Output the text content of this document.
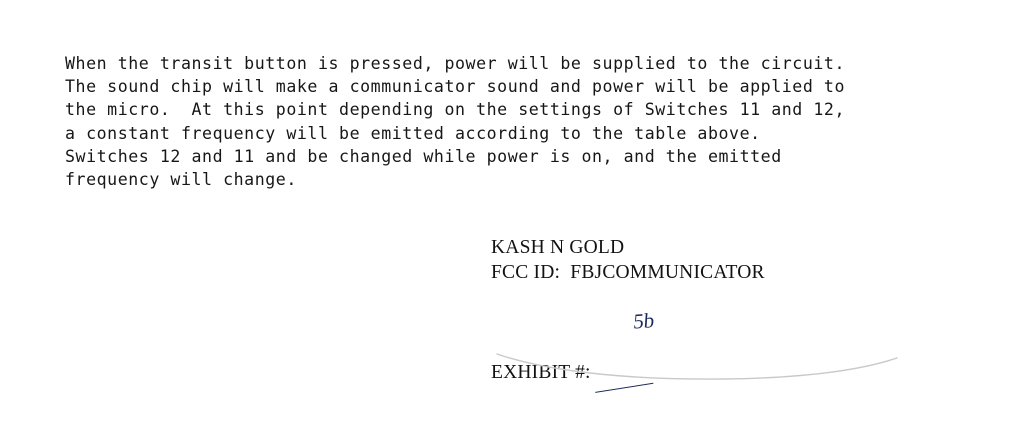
When the transit button is pressed, power will be supplied to the circuit.
The sound chip will make a communicator sound and power will be applied to
the micro.  At this point depending on the settings of Switches 11 and 12,
a constant frequency will be emitted according to the table above.
Switches 12 and 11 and be changed while power is on, and the emitted
frequency will change.
KASH N GOLD
FCC ID:  FBJCOMMUNICATOR
EXHIBIT #:

5b
